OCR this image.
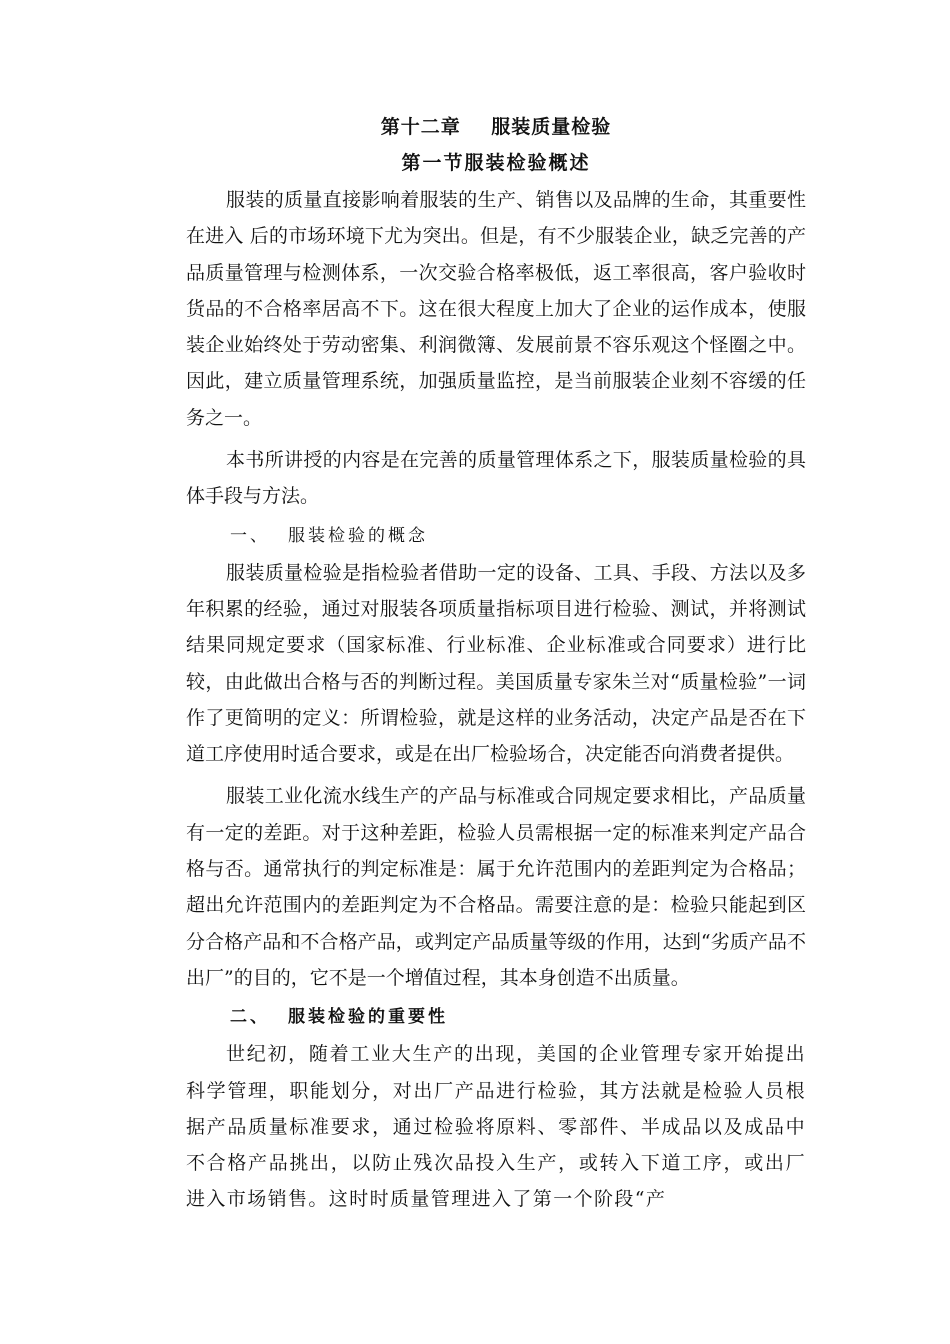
第十二章    服装质量检验
第一节服装检验概述

服装的质量直接影响着服装的生产、销售以及品牌的生命，其重要性在进入 后的市场环境下尤为突出。但是，有不少服装企业，缺乏完善的产品质量管理与检测体系，一次交验合格率极低，返工率很高，客户验收时货品的不合格率居高不下。这在很大程度上加大了企业的运作成本，使服装企业始终处于劳动密集、利润微簿、发展前景不容乐观这个怪圈之中。因此，建立质量管理系统，加强质量监控，是当前服装企业刻不容缓的任务之一。

本书所讲授的内容是在完善的质量管理体系之下，服装质量检验的具体手段与方法。

一、 服装检验的概念

服装质量检验是指检验者借助一定的设备、工具、手段、方法以及多年积累的经验，通过对服装各项质量指标项目进行检验、测试，并将测试结果同规定要求（国家标准、行业标准、企业标准或合同要求）进行比较，由此做出合格与否的判断过程。美国质量专家朱兰对“质量检验”一词作了更简明的定义：所谓检验，就是这样的业务活动，决定产品是否在下道工序使用时适合要求，或是在出厂检验场合，决定能否向消费者提供。

服装工业化流水线生产的产品与标准或合同规定要求相比，产品质量有一定的差距。对于这种差距，检验人员需根据一定的标准来判定产品合格与否。通常执行的判定标准是：属于允许范围内的差距判定为合格品；超出允许范围内的差距判定为不合格品。需要注意的是：检验只能起到区分合格产品和不合格产品，或判定产品质量等级的作用，达到“劣质产品不出厂”的目的，它不是一个增值过程，其本身创造不出质量。

二、 服装检验的重要性

世纪初，随着工业大生产的出现，美国的企业管理专家开始提出科学管理，职能划分，对出厂产品进行检验，其方法就是检验人员根据产品质量标准要求，通过检验将原料、零部件、半成品以及成品中不合格产品挑出，以防止残次品投入生产，或转入下道工序，或出厂进入市场销售。这时时质量管理进入了第一个阶段“产
